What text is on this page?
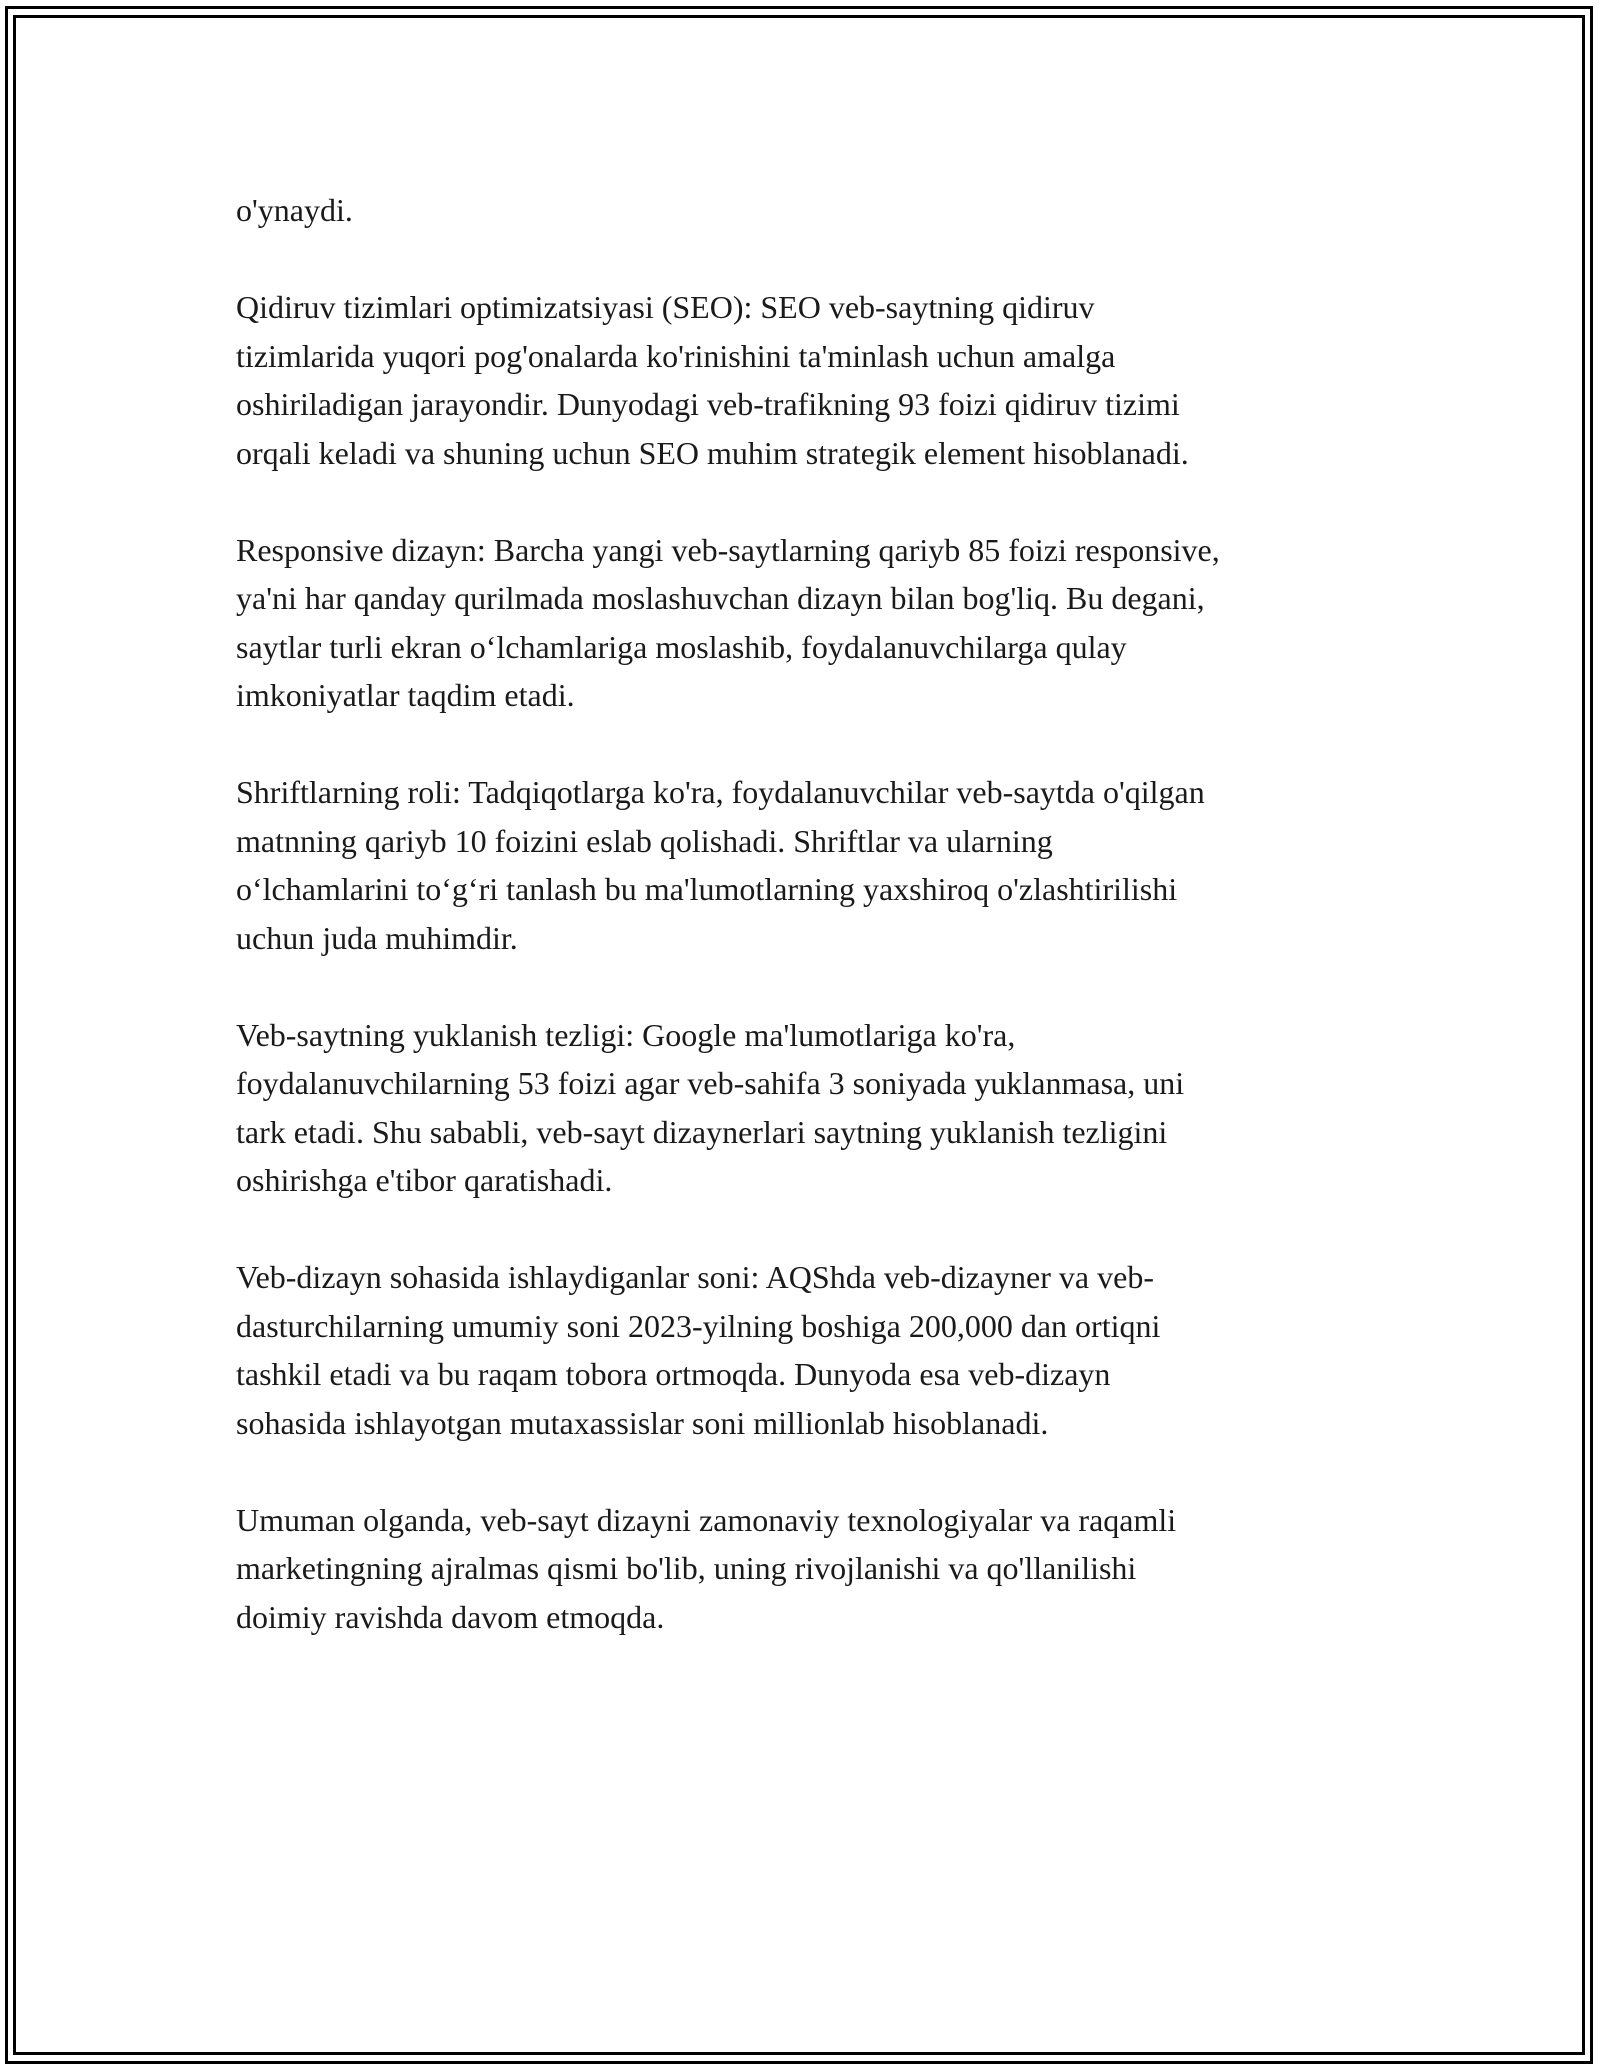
o'ynaydi.

Qidiruv tizimlari optimizatsiyasi (SEO): SEO veb-saytning qidiruv
tizimlarida yuqori pog'onalarda ko'rinishini ta'minlash uchun amalga
oshiriladigan jarayondir. Dunyodagi veb-trafikning 93 foizi qidiruv tizimi
orqali keladi va shuning uchun SEO muhim strategik element hisoblanadi.

Responsive dizayn: Barcha yangi veb-saytlarning qariyb 85 foizi responsive,
ya'ni har qanday qurilmada moslashuvchan dizayn bilan bog'liq. Bu degani,
saytlar turli ekran oʻlchamlariga moslashib, foydalanuvchilarga qulay
imkoniyatlar taqdim etadi.

Shriftlarning roli: Tadqiqotlarga ko'ra, foydalanuvchilar veb-saytda o'qilgan
matnning qariyb 10 foizini eslab qolishadi. Shriftlar va ularning
oʻlchamlarini toʻgʻri tanlash bu ma'lumotlarning yaxshiroq o'zlashtirilishi
uchun juda muhimdir.

Veb-saytning yuklanish tezligi: Google ma'lumotlariga ko'ra,
foydalanuvchilarning 53 foizi agar veb-sahifa 3 soniyada yuklanmasa, uni
tark etadi. Shu sababli, veb-sayt dizaynerlari saytning yuklanish tezligini
oshirishga e'tibor qaratishadi.

Veb-dizayn sohasida ishlaydiganlar soni: AQShda veb-dizayner va veb-
dasturchilarning umumiy soni 2023-yilning boshiga 200,000 dan ortiqni
tashkil etadi va bu raqam tobora ortmoqda. Dunyoda esa veb-dizayn
sohasida ishlayotgan mutaxassislar soni millionlab hisoblanadi.

Umuman olganda, veb-sayt dizayni zamonaviy texnologiyalar va raqamli
marketingning ajralmas qismi bo'lib, uning rivojlanishi va qo'llanilishi
doimiy ravishda davom etmoqda.
